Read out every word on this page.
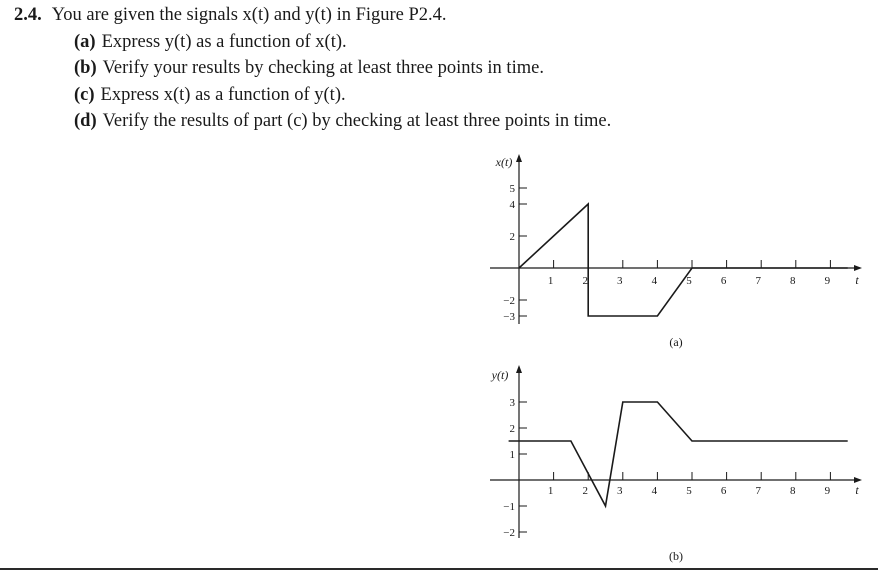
2.4. You are given the signals x(t) and y(t) in Figure P2.4.
(a) Express y(t) as a function of x(t).
(b) Verify your results by checking at least three points in time.
(c) Express x(t) as a function of y(t).
(d) Verify the results of part (c) by checking at least three points in time.
1	2	3	4	5	6	7	8	9 t
5
4
2
−2
−3
x(t)
(a)
1	2	3	4	5	6	7	8	9 t
3
2
1
−1
−2
y(t)
(b)
